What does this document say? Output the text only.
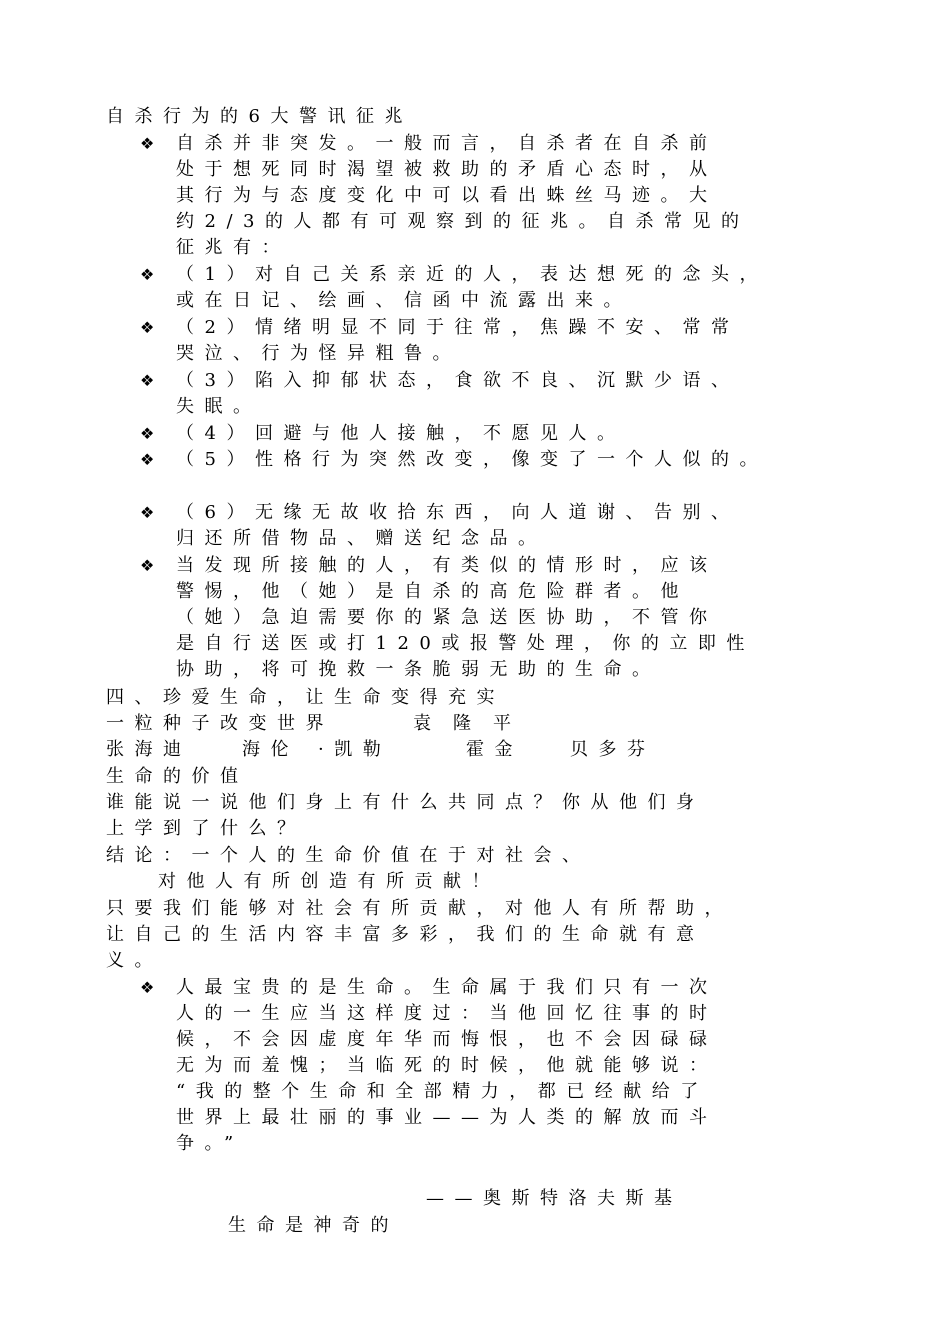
自杀行为的6大警讯征兆
❖ 自杀并非突发。一般而言，自杀者在自杀前
处于想死同时渴望被救助的矛盾心态时，从
其行为与态度变化中可以看出蛛丝马迹。大
约2/3的人都有可观察到的征兆。自杀常见的
征兆有：
❖ （1）对自己关系亲近的人，表达想死的念头，
或在日记、绘画、信函中流露出来。
❖ （2）情绪明显不同于往常，焦躁不安、常常
哭泣、行为怪异粗鲁。
❖ （3）陷入抑郁状态，食欲不良、沉默少语、
失眠。
❖ （4）回避与他人接触，不愿见人。
❖ （5）性格行为突然改变，像变了一个人似的。
❖ （6）无缘无故收拾东西，向人道谢、告别、
归还所借物品、赠送纪念品。
❖ 当发现所接触的人，有类似的情形时，应该
警惕，他（她）是自杀的高危险群者。他
（她）急迫需要你的紧急送医协助，不管你
是自行送医或打120或报警处理，你的立即性
协助，将可挽救一条脆弱无助的生命。
四、珍爱生命，让生命变得充实
一粒种子改变世界	袁隆平
张海迪	海伦 ·凯勒	霍金	贝多芬
生命的价值
谁能说一说他们身上有什么共同点？你从他们身
上学到了什么？
结论：一个人的生命价值在于对社会、
对他人有所创造有所贡献！
只要我们能够对社会有所贡献，对他人有所帮助，
让自己的生活内容丰富多彩，我们的生命就有意
义。
❖ 人最宝贵的是生命。生命属于我们只有一次
人的一生应当这样度过：当他回忆往事的时
候，不会因虚度年华而悔恨，也不会因碌碌
无为而羞愧；当临死的时候，他就能够说：
“我的整个生命和全部精力，都已经献给了
世界上最壮丽的事业——为人类的解放而斗
争。”
——奥斯特洛夫斯基
生命是神奇的
